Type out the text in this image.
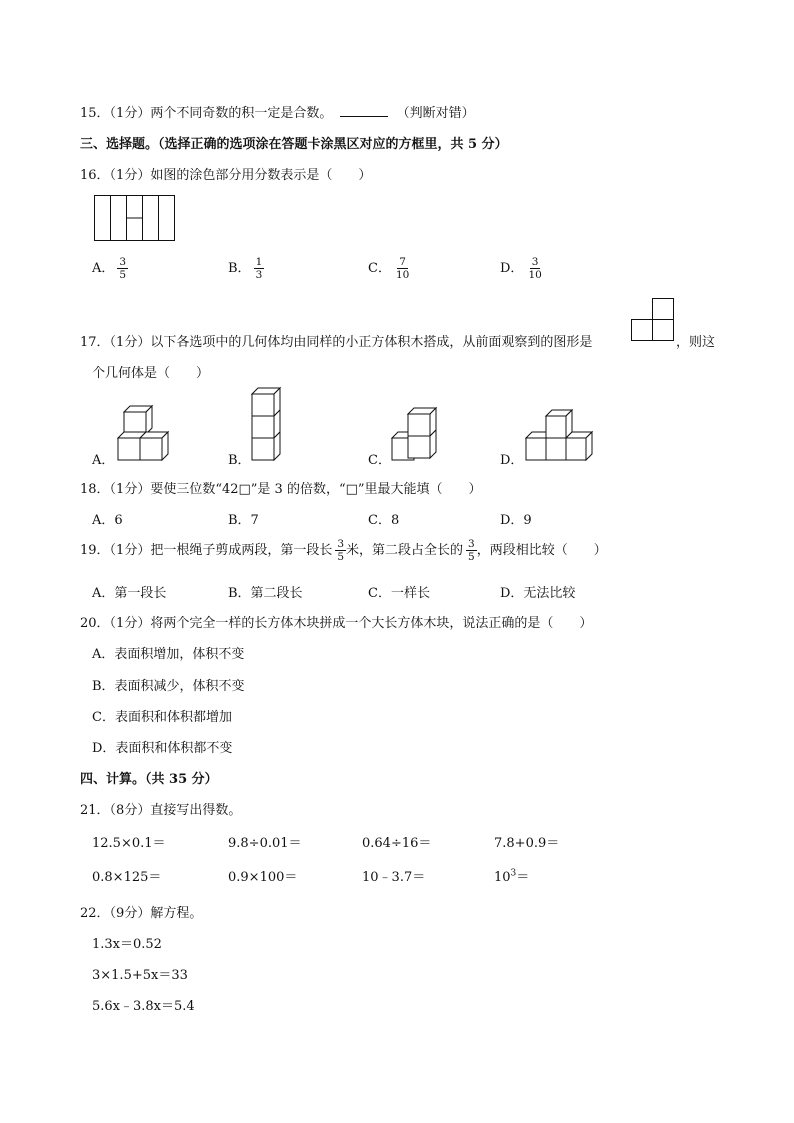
15．（1分）两个不同奇数的积一定是合数。	（判断对错）
三、选择题。（选择正确的选项涂在答题卡涂黑区对应的方框里，共 5 分）
16．（1分）如图的涂色部分用分数表示是（　　）
A． $\frac{3}{5}$	B． $\frac{1}{3}$	C． $\frac{7}{10}$	D． $\frac{3}{10}$
17．（1分）以下各选项中的几何体均由同样的小正方体积木搭成，从前面观察到的图形是	，则这
个几何体是（　　）
A．	B．	C．	D．
18．（1分）要使三位数“42□”是 3 的倍数，“□”里最大能填（　　）
A．6	B．7	C．8	D．9
19．（1分）把一根绳子剪成两段，第一段长 $\frac{3}{5}$ 米，第二段占全长的 $\frac{3}{5}$ ，两段相比较（　　）
A．第一段长	B．第二段长	C．一样长	D．无法比较
20．（1分）将两个完全一样的长方体木块拼成一个大长方体木块，说法正确的是（　　）
A．表面积增加，体积不变
B．表面积减少，体积不变
C．表面积和体积都增加
D．表面积和体积都不变
四、计算。（共 35 分）
21．（8分）直接写出得数。
12.5×0.1＝	9.8÷0.01＝	0.64÷16＝	7.8+0.9＝
0.8×125＝	0.9×100＝	10﹣3.7＝	$10^3=$
22．（9分）解方程。
1.3x＝0.52
3×1.5+5x＝33
5.6x﹣3.8x＝5.4
